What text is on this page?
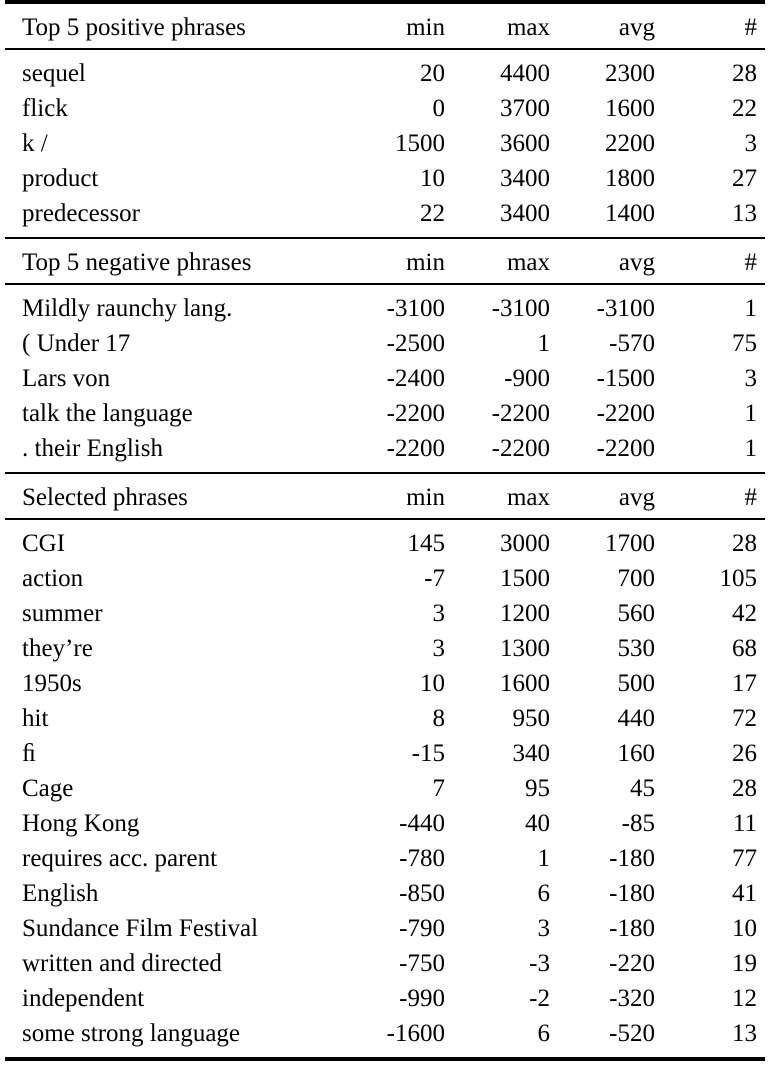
Top 5 positive phrases	min	max	avg	#

sequel	20	4400	2300	28
flick	0	3700	1600	22
k /	1500	3600	2200	3
product	10	3400	1800	27
predecessor	22	3400	1400	13

Top 5 negative phrases	min	max	avg	#

Mildly raunchy lang.	-3100	-3100	-3100	1
( Under 17	-2500	1	-570	75
Lars von	-2400	-900	-1500	3
talk the language	-2200	-2200	-2200	1
. their English	-2200	-2200	-2200	1

Selected phrases	min	max	avg	#

CGI	145	3000	1700	28
action	-7	1500	700	105
summer	3	1200	560	42
they’re	3	1300	530	68
1950s	10	1600	500	17
hit	8	950	440	72
ﬁ	-15	340	160	26
Cage	7	95	45	28
Hong Kong	-440	40	-85	11
requires acc. parent	-780	1	-180	77
English	-850	6	-180	41
Sundance Film Festival	-790	3	-180	10
written and directed	-750	-3	-220	19
independent	-990	-2	-320	12
some strong language	-1600	6	-520	13
